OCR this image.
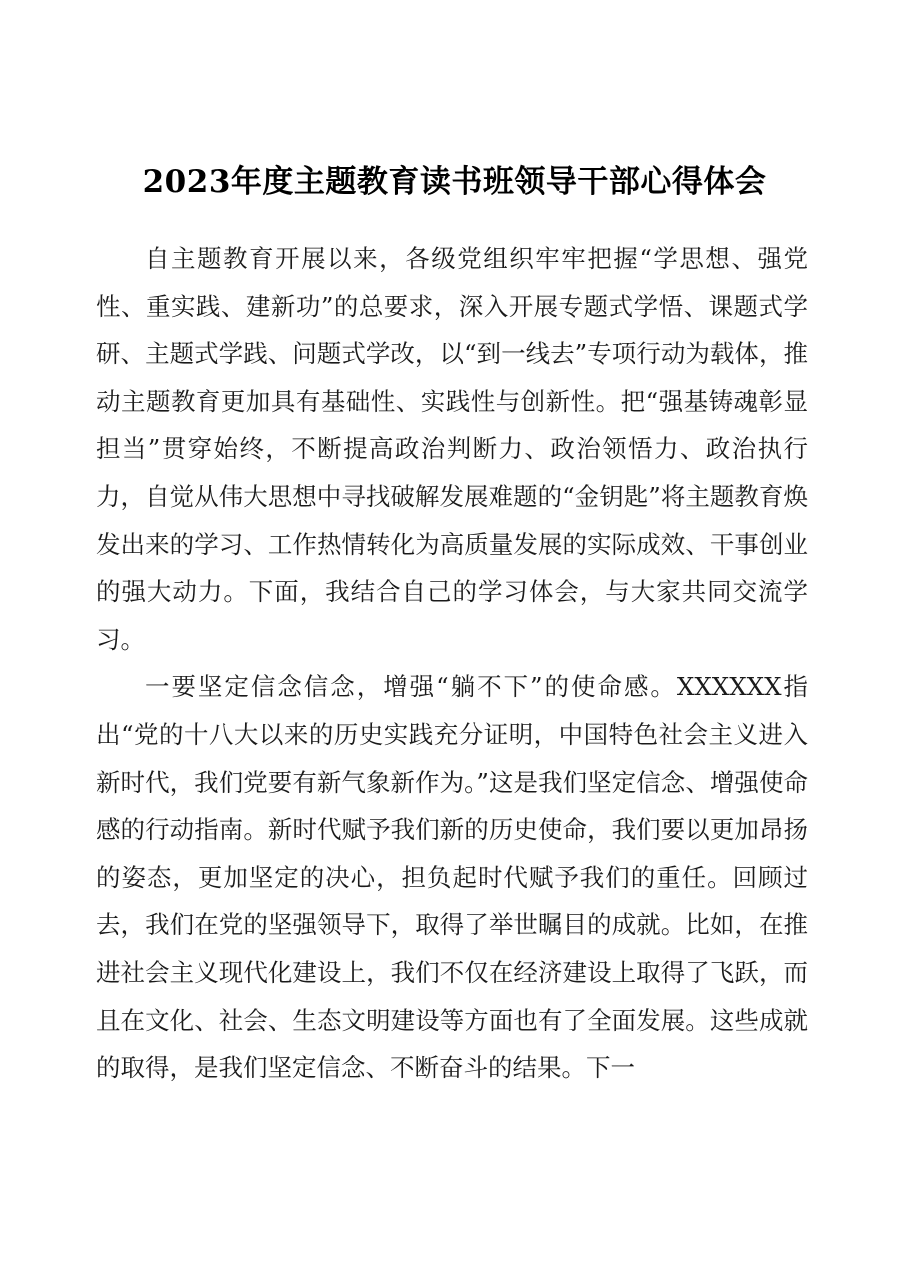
2023年度主题教育读书班领导干部心得体会

自主题教育开展以来，各级党组织牢牢把握“学思想、强党性、重实践、建新功”的总要求，深入开展专题式学悟、课题式学研、主题式学践、问题式学改，以“到一线去”专项行动为载体，推动主题教育更加具有基础性、实践性与创新性。把“强基铸魂彰显担当”贯穿始终，不断提高政治判断力、政治领悟力、政治执行力，自觉从伟大思想中寻找破解发展难题的“金钥匙”将主题教育焕发出来的学习、工作热情转化为高质量发展的实际成效、干事创业的强大动力。下面，我结合自己的学习体会，与大家共同交流学习。

一要坚定信念信念，增强“躺不下”的使命感。XXXXXX指出“党的十八大以来的历史实践充分证明，中国特色社会主义进入新时代，我们党要有新气象新作为。”这是我们坚定信念、增强使命感的行动指南。新时代赋予我们新的历史使命，我们要以更加昂扬的姿态，更加坚定的决心，担负起时代赋予我们的重任。回顾过去，我们在党的坚强领导下，取得了举世瞩目的成就。比如，在推进社会主义现代化建设上，我们不仅在经济建设上取得了飞跃，而且在文化、社会、生态文明建设等方面也有了全面发展。这些成就的取得，是我们坚定信念、不断奋斗的结果。下一
